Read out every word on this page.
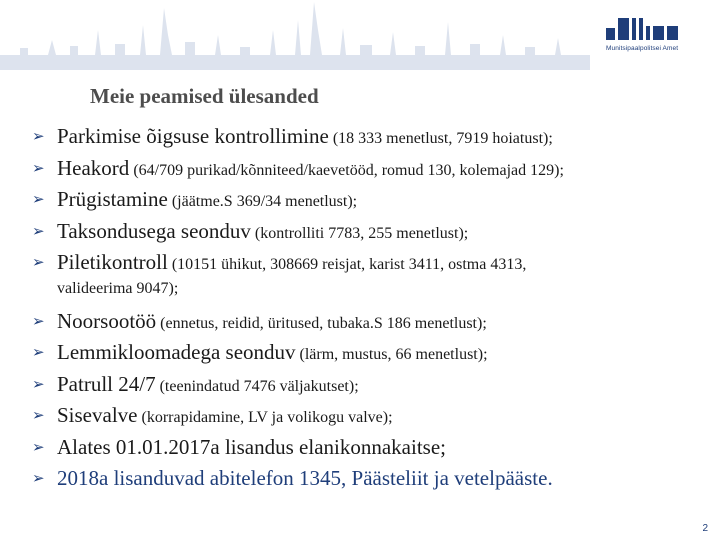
Munitsipaalpolitsei Amet
Meie peamised ülesanded
➢ Parkimise õigsuse kontrollimine (18 333 menetlust, 7919 hoiatust);
➢ Heakord (64/709 purikad/kõnniteed/kaevetööd, romud 130, kolemajad 129);
➢ Prügistamine (jäätme.S 369/34 menetlust);
➢ Taksondusega seonduv (kontrolliti 7783, 255 menetlust);
➢ Piletikontroll (10151 ühikut, 308669 reisjat, karist 3411, ostma 4313,
valideerima 9047);
➢ Noorsootöö (ennetus, reidid, üritused, tubaka.S 186 menetlust);
➢ Lemmikloomadega seonduv (lärm, mustus, 66 menetlust);
➢ Patrull 24/7 (teenindatud 7476 väljakutset);
➢ Sisevalve (korrapidamine, LV ja volikogu valve);
➢ Alates 01.01.2017a lisandus elanikonnakaitse;
➢ 2018a lisanduvad abitelefon 1345, Päästeliit ja vetelpääste.
2
